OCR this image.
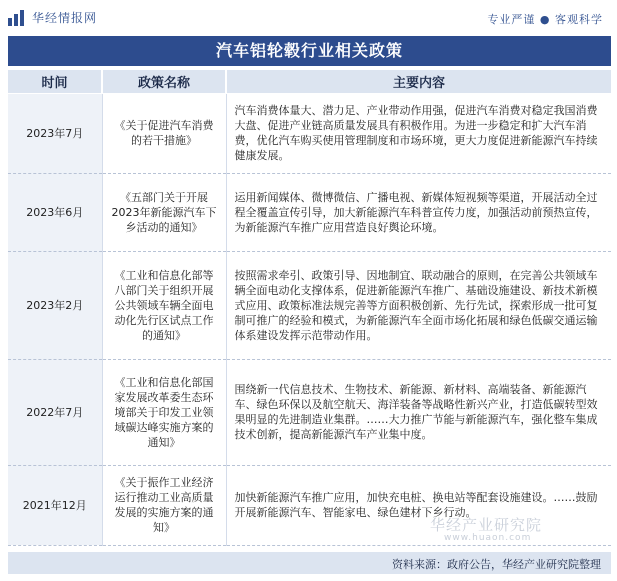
华经情报网	专业严谨 ● 客观科学
汽车铝轮毂行业相关政策
时间	政策名称	主要内容
2023年7月	《关于促进汽车消费的若干措施》	汽车消费体量大、潜力足、产业带动作用强，促进汽车消费对稳定我国消费大盘、促进产业链高质量发展具有积极作用。为进一步稳定和扩大汽车消费，优化汽车购买使用管理制度和市场环境，更大力度促进新能源汽车持续健康发展。
2023年6月	《五部门关于开展2023年新能源汽车下乡活动的通知》	运用新闻媒体、微博微信、广播电视、新媒体短视频等渠道，开展活动全过程全覆盖宣传引导，加大新能源汽车科普宣传力度，加强活动前预热宣传，为新能源汽车推广应用营造良好舆论环境。
2023年2月	《工业和信息化部等八部门关于组织开展公共领域车辆全面电动化先行区试点工作的通知》	按照需求牵引、政策引导、因地制宜、联动融合的原则，在完善公共领域车辆全面电动化支撑体系，促进新能源汽车推广、基础设施建设、新技术新模式应用、政策标准法规完善等方面积极创新、先行先试，探索形成一批可复制可推广的经验和模式，为新能源汽车全面市场化拓展和绿色低碳交通运输体系建设发挥示范带动作用。
2022年7月	《工业和信息化部国家发展改革委生态环境部关于印发工业领域碳达峰实施方案的通知》	围绕新一代信息技术、生物技术、新能源、新材料、高端装备、新能源汽车、绿色环保以及航空航天、海洋装备等战略性新兴产业，打造低碳转型效果明显的先进制造业集群。……大力推广节能与新能源汽车，强化整车集成技术创新，提高新能源汽车产业集中度。
2021年12月	《关于振作工业经济运行推动工业高质量发展的实施方案的通知》	加快新能源汽车推广应用，加快充电桩、换电站等配套设施建设。……鼓励开展新能源汽车、智能家电、绿色建材下乡行动。
华经产业研究院
www.huaon.com
资料来源：政府公告，华经产业研究院整理
